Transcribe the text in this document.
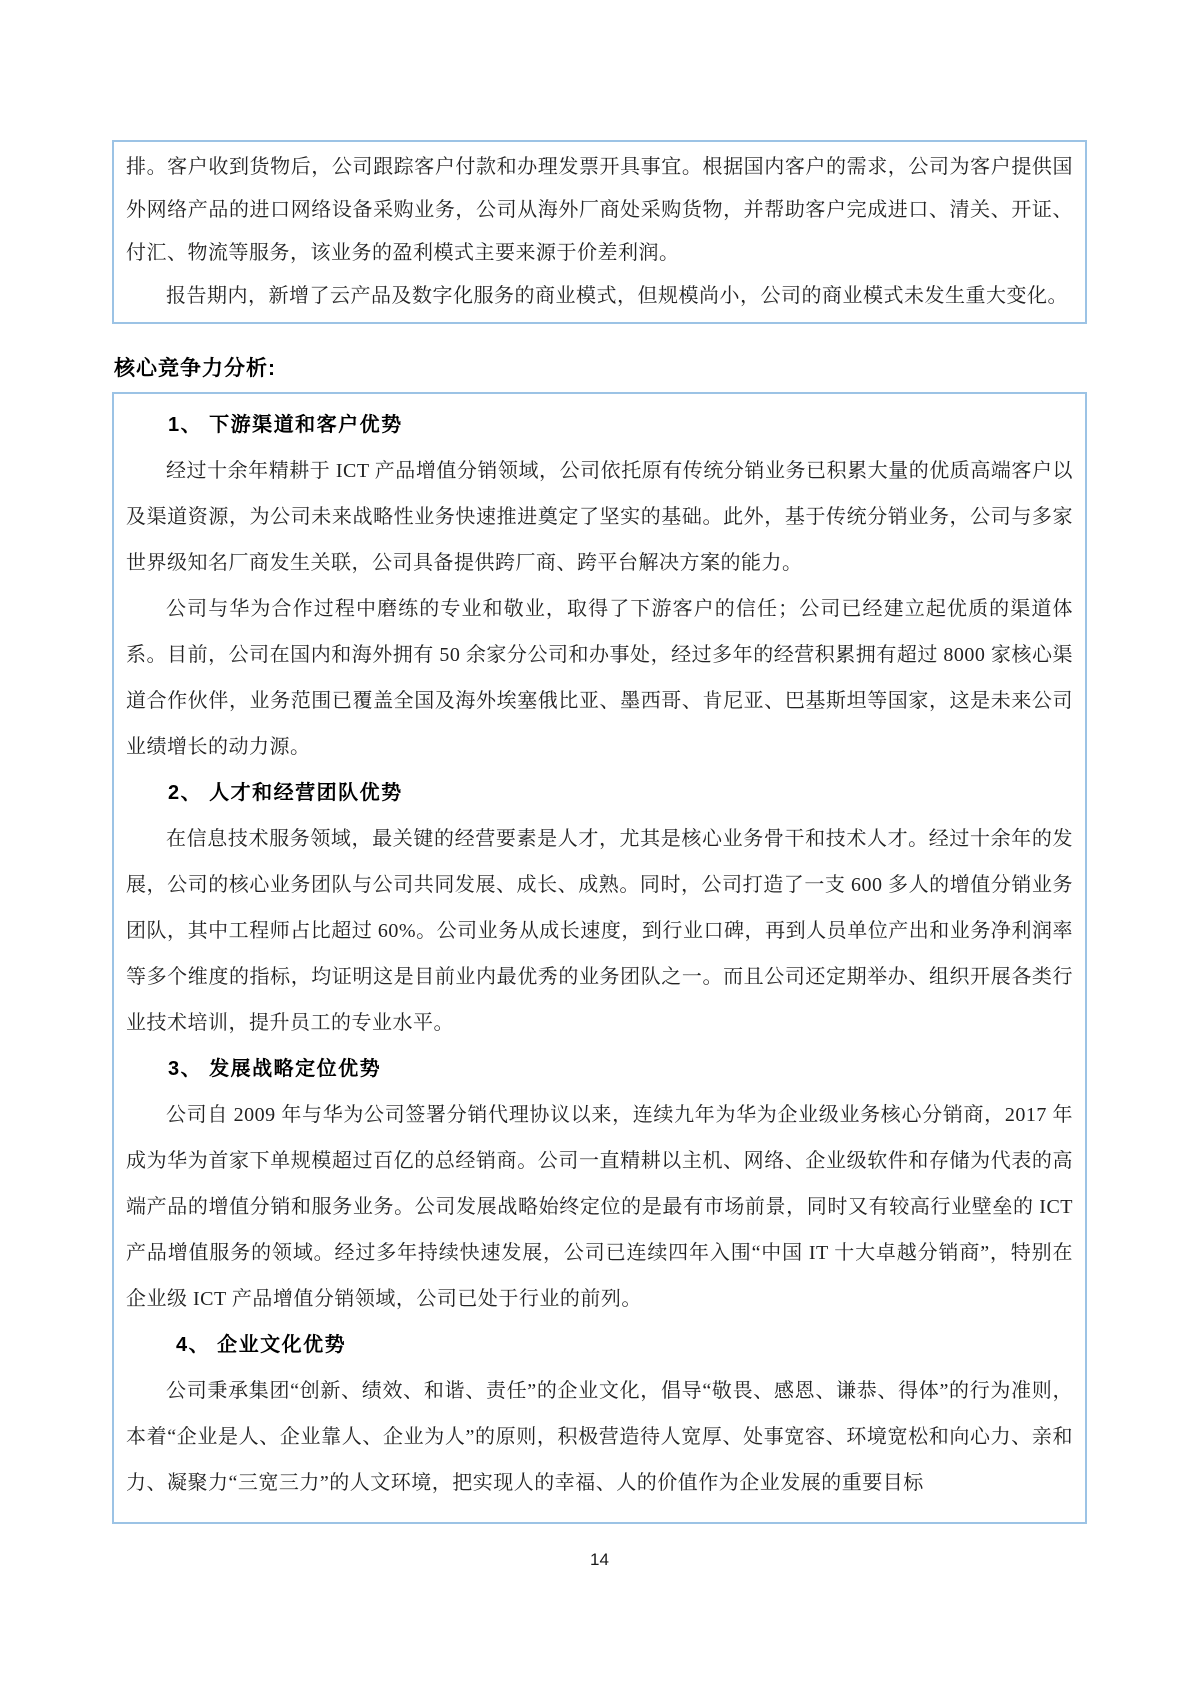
排。客户收到货物后，公司跟踪客户付款和办理发票开具事宜。根据国内客户的需求，公司为客户提供国外网络产品的进口网络设备采购业务，公司从海外厂商处采购货物，并帮助客户完成进口、清关、开证、付汇、物流等服务，该业务的盈利模式主要来源于价差利润。

报告期内，新增了云产品及数字化服务的商业模式，但规模尚小，公司的商业模式未发生重大变化。

核心竞争力分析:
1、 下游渠道和客户优势

经过十余年精耕于 ICT 产品增值分销领域，公司依托原有传统分销业务已积累大量的优质高端客户以及渠道资源，为公司未来战略性业务快速推进奠定了坚实的基础。此外，基于传统分销业务，公司与多家世界级知名厂商发生关联，公司具备提供跨厂商、跨平台解决方案的能力。

公司与华为合作过程中磨练的专业和敬业，取得了下游客户的信任；公司已经建立起优质的渠道体系。目前，公司在国内和海外拥有 50 余家分公司和办事处，经过多年的经营积累拥有超过 8000 家核心渠道合作伙伴，业务范围已覆盖全国及海外埃塞俄比亚、墨西哥、肯尼亚、巴基斯坦等国家，这是未来公司业绩增长的动力源。

2、 人才和经营团队优势

在信息技术服务领域，最关键的经营要素是人才，尤其是核心业务骨干和技术人才。经过十余年的发展，公司的核心业务团队与公司共同发展、成长、成熟。同时，公司打造了一支 600 多人的增值分销业务团队，其中工程师占比超过 60%。公司业务从成长速度，到行业口碑，再到人员单位产出和业务净利润率等多个维度的指标，均证明这是目前业内最优秀的业务团队之一。而且公司还定期举办、组织开展各类行业技术培训，提升员工的专业水平。

3、 发展战略定位优势

公司自 2009 年与华为公司签署分销代理协议以来，连续九年为华为企业级业务核心分销商，2017 年成为华为首家下单规模超过百亿的总经销商。公司一直精耕以主机、网络、企业级软件和存储为代表的高端产品的增值分销和服务业务。公司发展战略始终定位的是最有市场前景，同时又有较高行业壁垒的 ICT 产品增值服务的领域。经过多年持续快速发展，公司已连续四年入围“中国 IT 十大卓越分销商”，特别在企业级 ICT 产品增值分销领域，公司已处于行业的前列。

4、 企业文化优势

公司秉承集团“创新、绩效、和谐、责任”的企业文化，倡导“敬畏、感恩、谦恭、得体”的行为准则，本着“企业是人、企业靠人、企业为人”的原则，积极营造待人宽厚、处事宽容、环境宽松和向心力、亲和力、凝聚力“三宽三力”的人文环境，把实现人的幸福、人的价值作为企业发展的重要目标

14
